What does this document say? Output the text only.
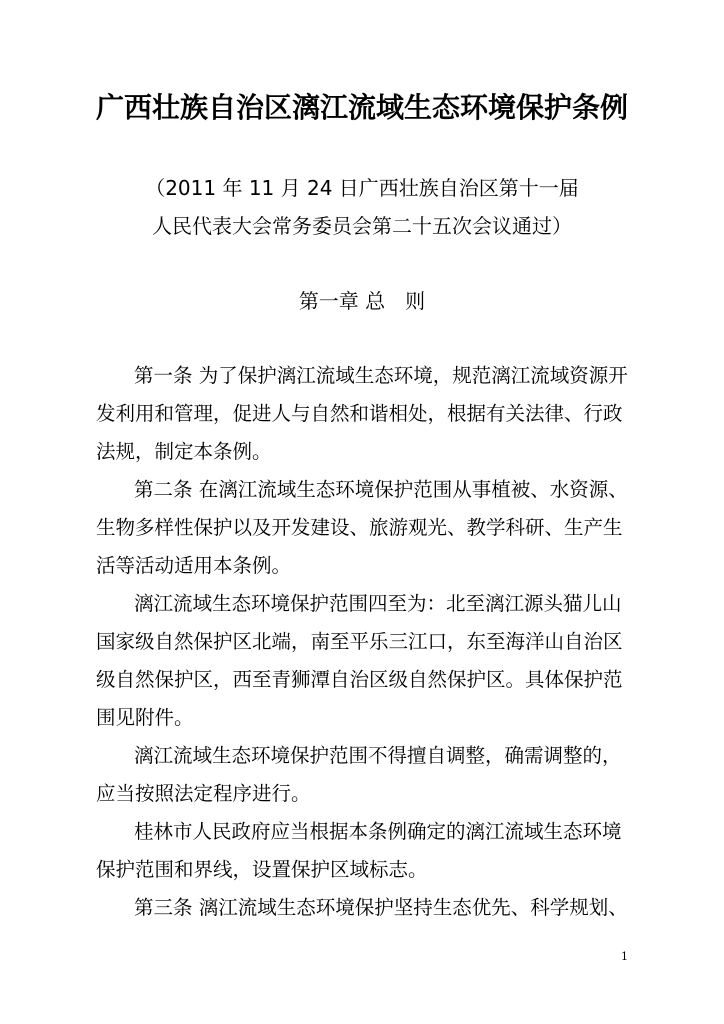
广西壮族自治区漓江流域生态环境保护条例
（2011 年 11 月 24 日广西壮族自治区第十一届
人民代表大会常务委员会第二十五次会议通过）
第一章 总　则
第一条 为了保护漓江流域生态环境，规范漓江流域资源开
发利用和管理，促进人与自然和谐相处，根据有关法律、行政
法规，制定本条例。
第二条 在漓江流域生态环境保护范围从事植被、水资源、
生物多样性保护以及开发建设、旅游观光、教学科研、生产生
活等活动适用本条例。
漓江流域生态环境保护范围四至为：北至漓江源头猫儿山
国家级自然保护区北端，南至平乐三江口，东至海洋山自治区
级自然保护区，西至青狮潭自治区级自然保护区。具体保护范
围见附件。
漓江流域生态环境保护范围不得擅自调整，确需调整的，
应当按照法定程序进行。
桂林市人民政府应当根据本条例确定的漓江流域生态环境
保护范围和界线，设置保护区域标志。
第三条 漓江流域生态环境保护坚持生态优先、科学规划、
1
